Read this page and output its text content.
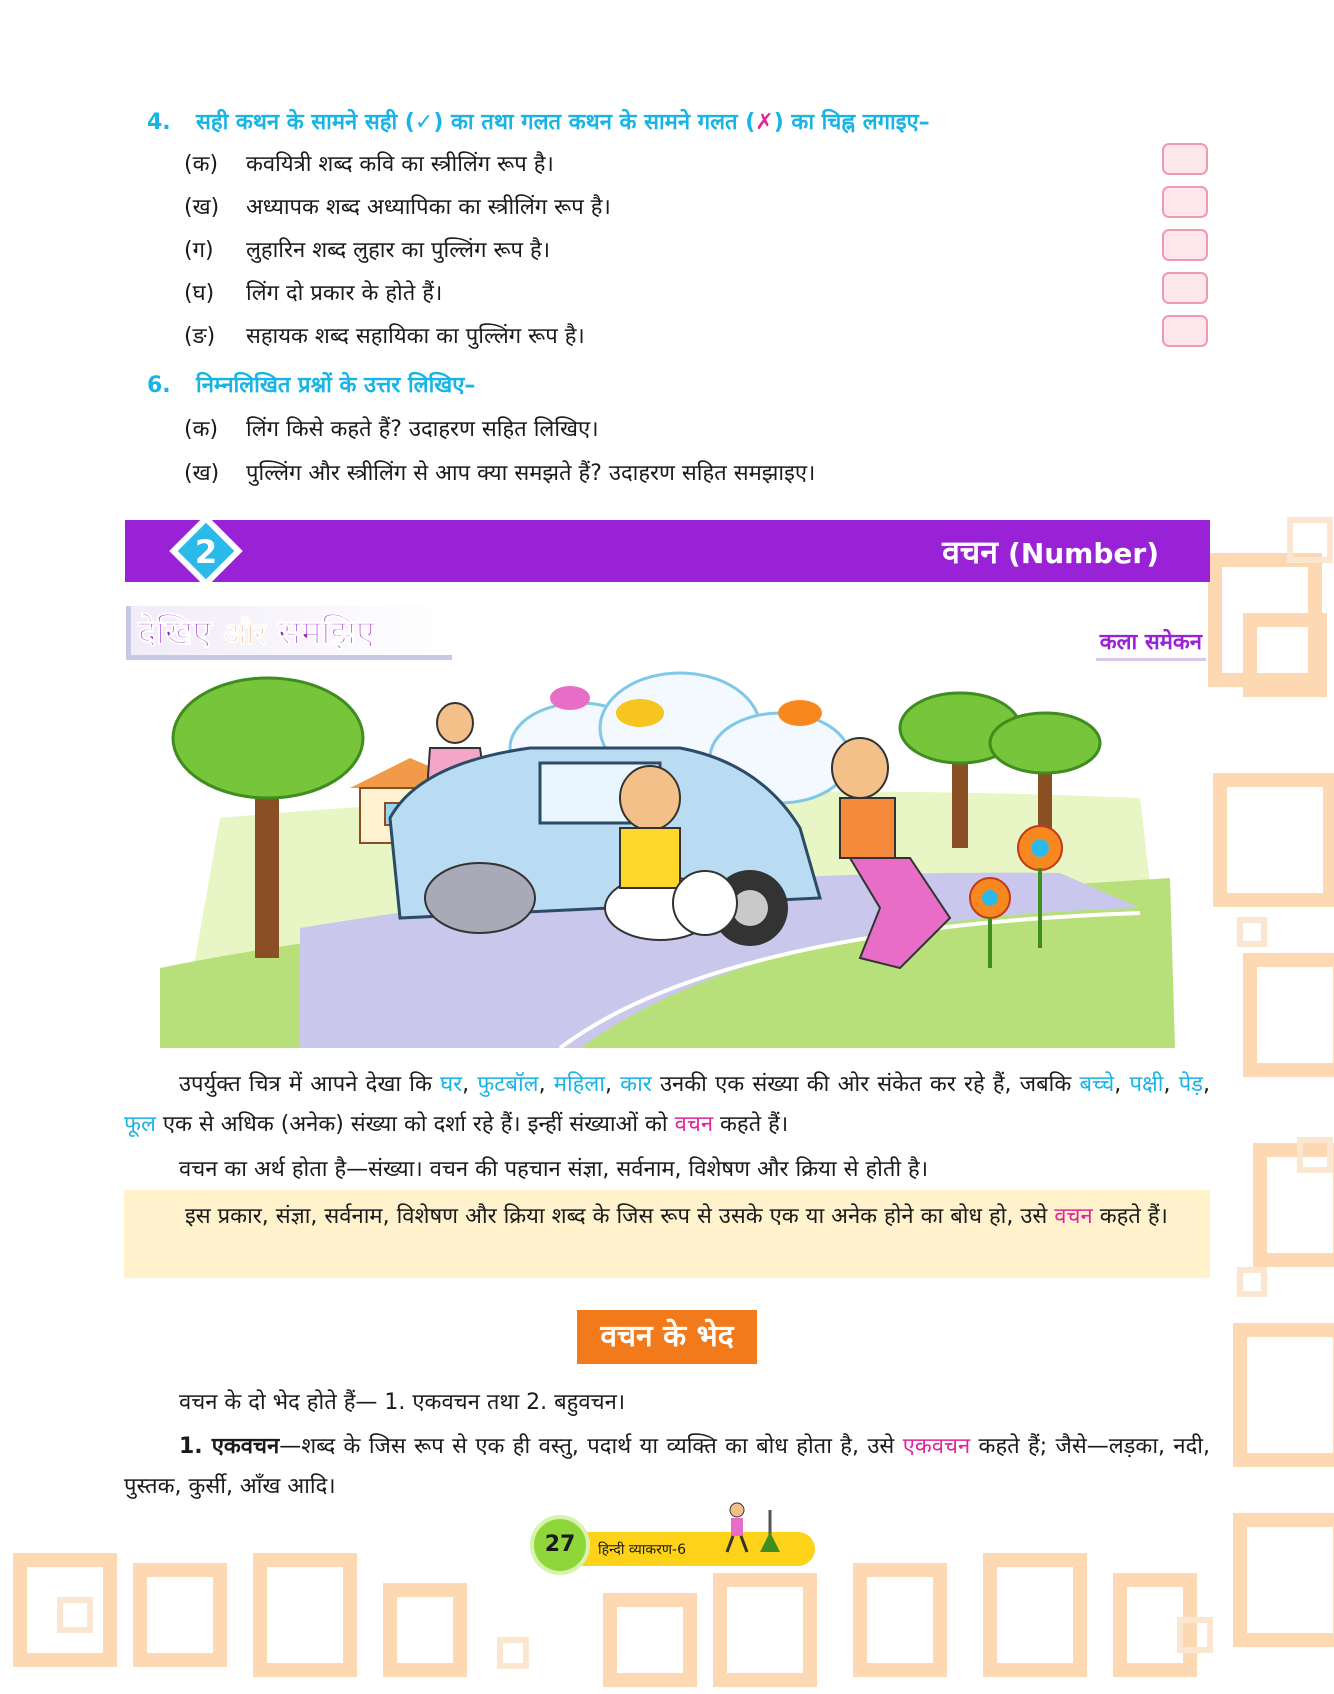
4. सही कथन के सामने सही (✓) का तथा गलत कथन के सामने गलत (✗) का चिह्न लगाइए–
(क) कवयित्री शब्द कवि का स्त्रीलिंग रूप है।
(ख) अध्यापक शब्द अध्यापिका का स्त्रीलिंग रूप है।
(ग) लुहारिन शब्द लुहार का पुल्लिंग रूप है।
(घ) लिंग दो प्रकार के होते हैं।
(ङ) सहायक शब्द सहायिका का पुल्लिंग रूप है।
6. निम्नलिखित प्रश्नों के उत्तर लिखिए–
(क) लिंग किसे कहते हैं? उदाहरण सहित लिखिए।
(ख) पुल्लिंग और स्त्रीलिंग से आप क्या समझते हैं? उदाहरण सहित समझाइए।
2	वचन (Number)
देखिए और समझिए	कला समेकन
उपर्युक्त चित्र में आपने देखा कि घर, फुटबॉल, महिला, कार उनकी एक संख्या की ओर संकेत कर रहे हैं, जबकि बच्चे, पक्षी, पेड़, फूल एक से अधिक (अनेक) संख्या को दर्शा रहे हैं। इन्हीं संख्याओं को वचन कहते हैं।
वचन का अर्थ होता है—संख्या। वचन की पहचान संज्ञा, सर्वनाम, विशेषण और क्रिया से होती है।
इस प्रकार, संज्ञा, सर्वनाम, विशेषण और क्रिया शब्द के जिस रूप से उसके एक या अनेक होने का बोध हो, उसे वचन कहते हैं।
वचन के भेद
वचन के दो भेद होते हैं— 1. एकवचन तथा 2. बहुवचन।
1. एकवचन—शब्द के जिस रूप से एक ही वस्तु, पदार्थ या व्यक्ति का बोध होता है, उसे एकवचन कहते हैं; जैसे—लड़का, नदी, पुस्तक, कुर्सी, आँख आदि।
27	हिन्दी व्याकरण-6
